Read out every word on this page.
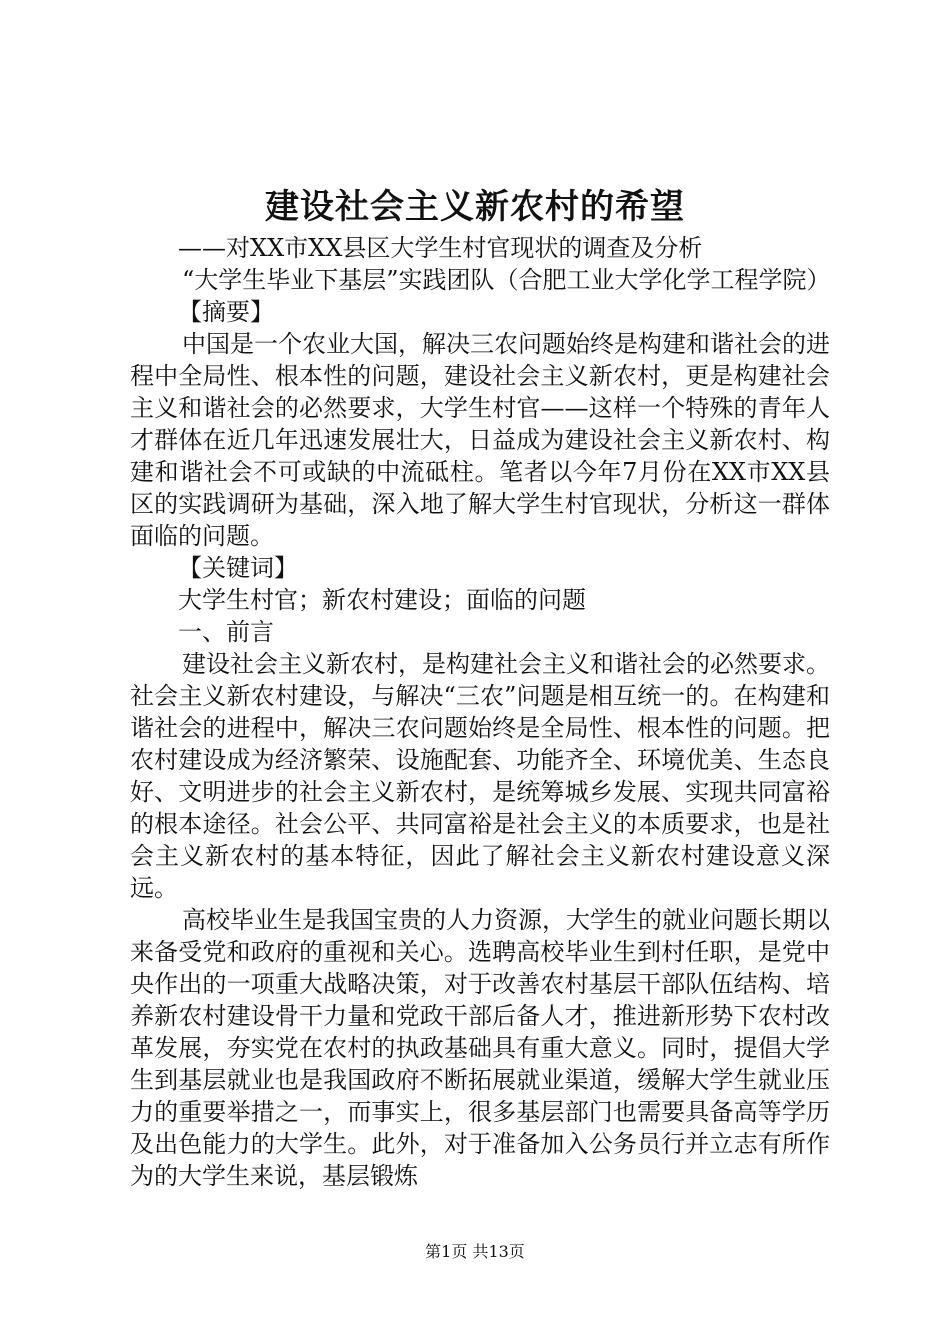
建设社会主义新农村的希望

——对XX市XX县区大学生村官现状的调查及分析

“大学生毕业下基层”实践团队（合肥工业大学化学工程学院）

【摘要】

中国是一个农业大国，解决三农问题始终是构建和谐社会的进程中全局性、根本性的问题，建设社会主义新农村，更是构建社会主义和谐社会的必然要求，大学生村官——这样一个特殊的青年人才群体在近几年迅速发展壮大，日益成为建设社会主义新农村、构建和谐社会不可或缺的中流砥柱。笔者以今年7月份在XX市XX县区的实践调研为基础，深入地了解大学生村官现状，分析这一群体面临的问题。

【关键词】

大学生村官；新农村建设；面临的问题

一、前言

建设社会主义新农村，是构建社会主义和谐社会的必然要求。社会主义新农村建设，与解决“三农”问题是相互统一的。在构建和谐社会的进程中，解决三农问题始终是全局性、根本性的问题。把农村建设成为经济繁荣、设施配套、功能齐全、环境优美、生态良好、文明进步的社会主义新农村，是统筹城乡发展、实现共同富裕的根本途径。社会公平、共同富裕是社会主义的本质要求，也是社会主义新农村的基本特征，因此了解社会主义新农村建设意义深远。

高校毕业生是我国宝贵的人力资源，大学生的就业问题长期以来备受党和政府的重视和关心。选聘高校毕业生到村任职，是党中央作出的一项重大战略决策，对于改善农村基层干部队伍结构、培养新农村建设骨干力量和党政干部后备人才，推进新形势下农村改革发展，夯实党在农村的执政基础具有重大意义。同时，提倡大学生到基层就业也是我国政府不断拓展就业渠道，缓解大学生就业压力的重要举措之一，而事实上，很多基层部门也需要具备高等学历及出色能力的大学生。此外，对于准备加入公务员行并立志有所作为的大学生来说，基层锻炼

第1页 共13页
